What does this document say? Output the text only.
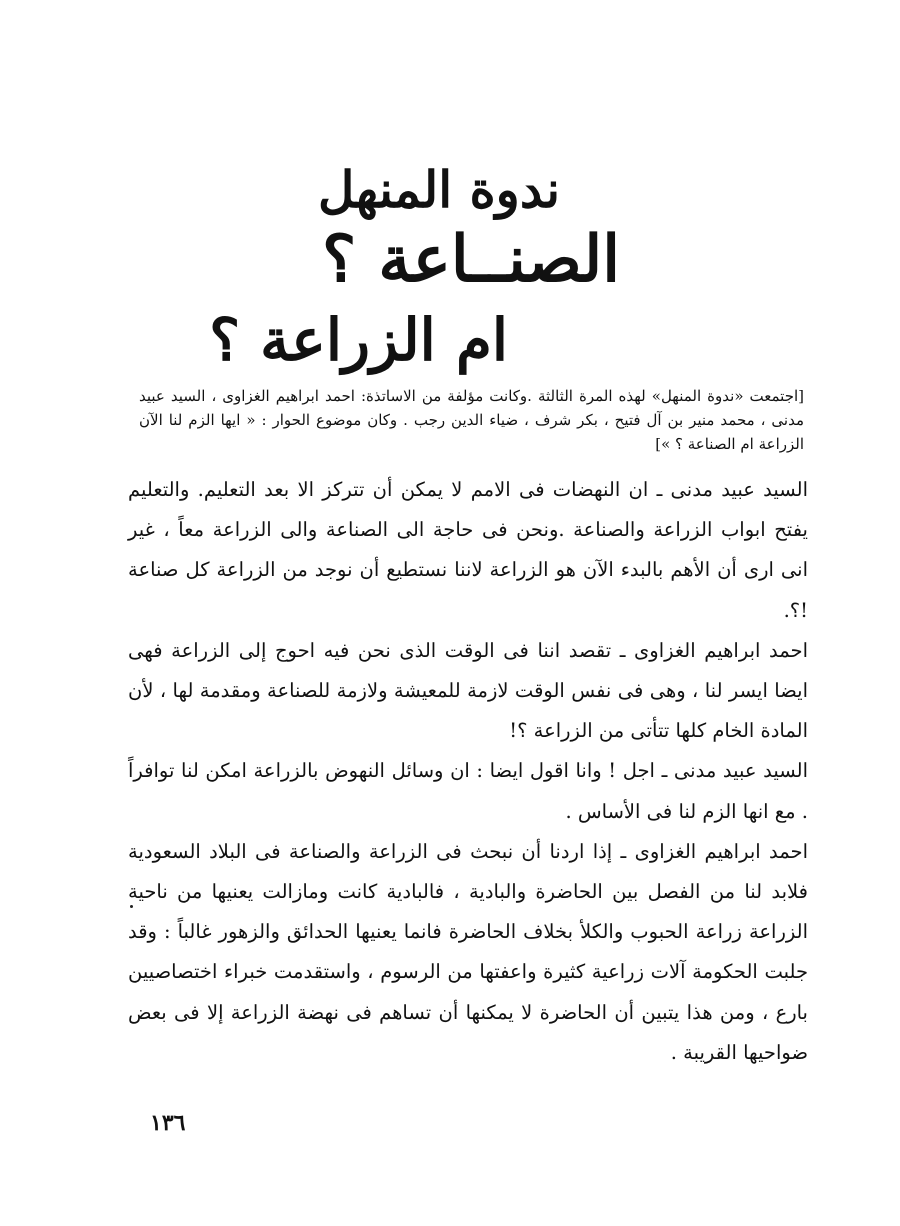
ندوة المنهل
الصنــاعة ؟
ام الزراعة ؟
[اجتمعت «ندوة المنهل» لهذه المرة الثالثة .وكانت مؤلفة من الاساتذة: احمد ابراهيم الغزاوى ، السيد عبيد مدنى ، محمد منير بن آل فتيح ، بكر شرف ، ضياء الدين رجب . وكان موضوع الحوار : « ايها الزم لنا الآن الزراعة ام الصناعة ؟ »]

السيد عبيد مدنى ـ ان النهضات فى الامم لا يمكن أن تتركز الا بعد التعليم. والتعليم يفتح ابواب الزراعة والصناعة .ونحن فى حاجة الى الصناعة والى الزراعة معاً ، غير انى ارى أن الأهم بالبدء الآن هو الزراعة لاننا نستطيع أن نوجد من الزراعة كل صناعة !؟.

احمد ابراهيم الغزاوى ـ تقصد اننا فى الوقت الذى نحن فيه احوج إلى الزراعة فهى ايضا ايسر لنا ، وهى فى نفس الوقت لازمة للمعيشة ولازمة للصناعة ومقدمة لها ، لأن المادة الخام كلها تتأتى من الزراعة ؟!

السيد عبيد مدنى ـ اجل ! وانا اقول ايضا : ان وسائل النهوض بالزراعة امكن لنا توافراً . مع انها الزم لنا فى الأساس .

احمد ابراهيم الغزاوى ـ إذا اردنا أن نبحث فى الزراعة والصناعة فى البلاد السعودية فلابد لنا من الفصل بين الحاضرة والبادية ، فالبادية كانت ومازالت يعنيها من ناحية الزراعة زراعة الحبوب والكلأ بخلاف الحاضرة فانما يعنيها الحدائق والزهور غالباً : وقد جلبت الحكومة آلات زراعية كثيرة واعفتها من الرسوم ، واستقدمت خبراء اختصاصيين بارع ، ومن هذا يتبين أن الحاضرة لا يمكنها أن تساهم فى نهضة الزراعة إلا فى بعض ضواحيها القريبة .

١٣٦
